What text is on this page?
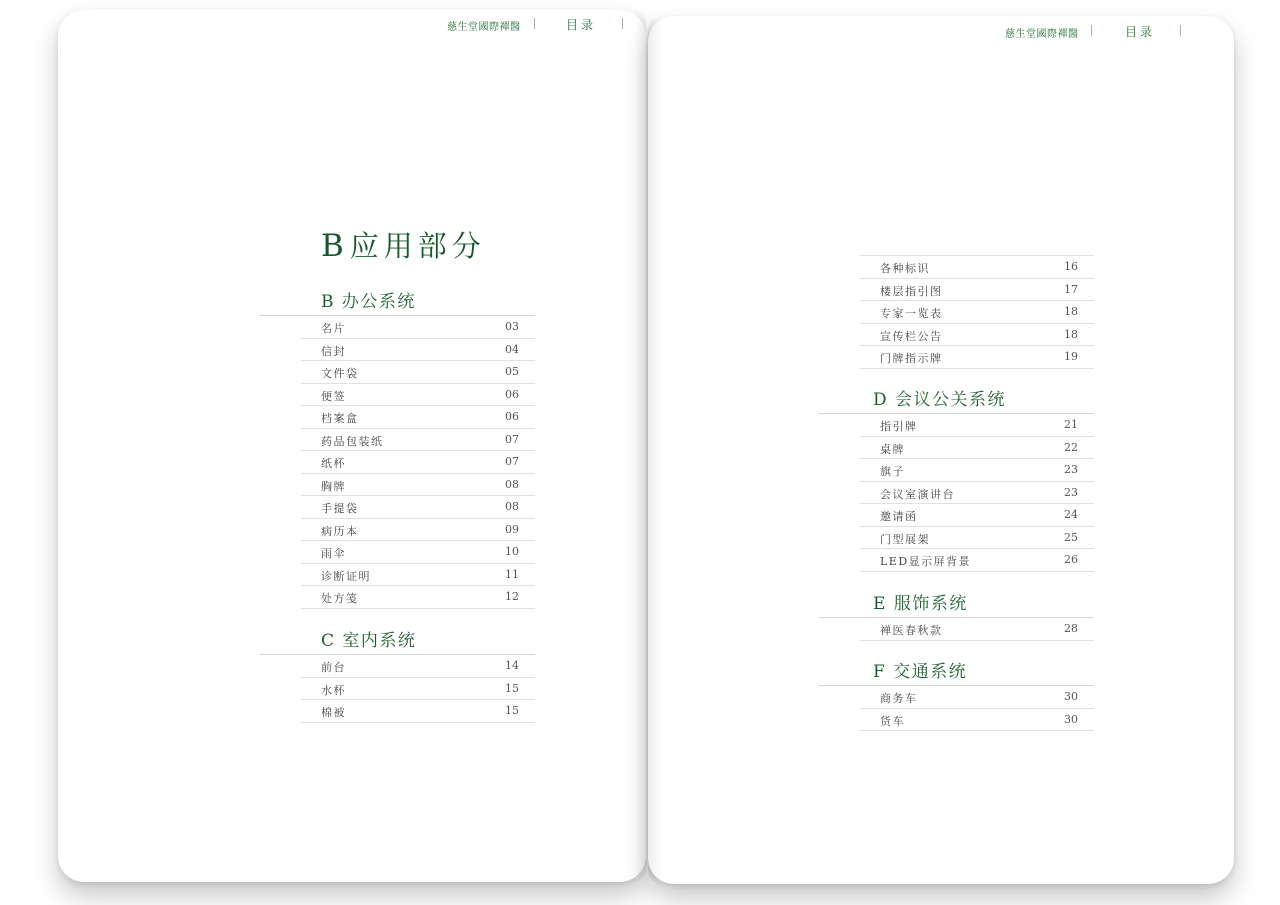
慈生堂國際禪醫	目录
B 应用部分
B 办公系统
名片	03
信封	04
文件袋	05
便签	06
档案盒	06
药品包装纸	07
纸杯	07
胸牌	08
手提袋	08
病历本	09
雨伞	10
诊断证明	11
处方笺	12
C 室内系统
前台	14
水杯	15
棉被	15
慈生堂國際禪醫	目录
各种标识	16
楼层指引图	17
专家一览表	18
宣传栏公告	18
门牌指示牌	19
D 会议公关系统
指引牌	21
桌牌	22
旗子	23
会议室演讲台	23
邀请函	24
门型展架	25
LED显示屏背景	26
E 服饰系统
禅医春秋款	28
F 交通系统
商务车	30
货车	30
